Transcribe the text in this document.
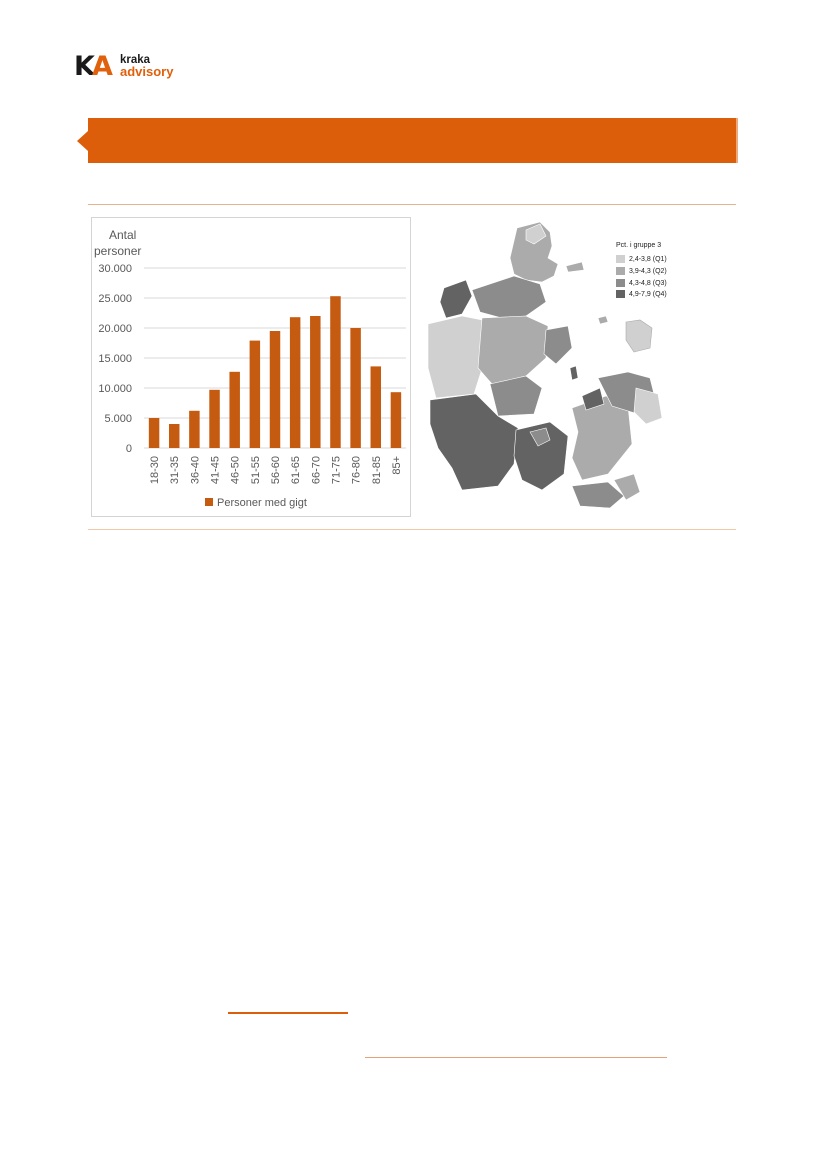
KA kraka
advisory
Antal
personer
0
5.000
10.000
15.000
20.000
25.000
30.000
18-30 31-35 36-40 41-45 46-50 51-55 56-60 61-65 66-70 71-75 76-80 81-85 85+
Personer med gigt
Pct. i gruppe 3
2,4-3,8 (Q1)
3,9-4,3 (Q2)
4,3-4,8 (Q3)
4,9-7,9 (Q4)
